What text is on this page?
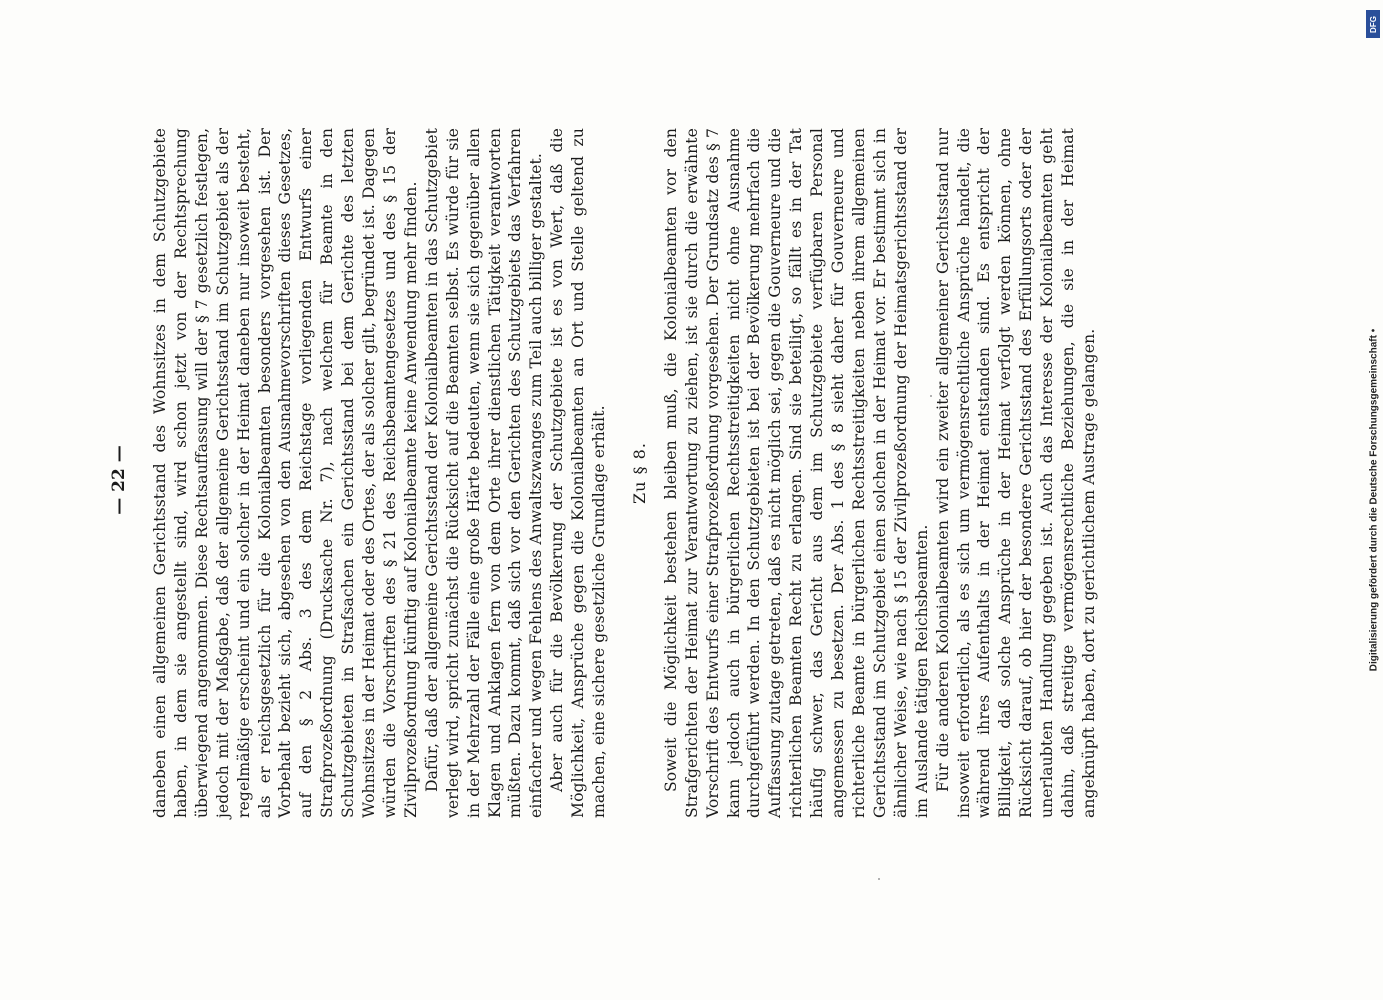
— 22 — daneben einen allgemeinen Gerichtsstand des Wohnsitzes in dem Schutzgebiete haben, in dem sie angestellt sind, wird schon jetzt von der Rechtsprechung überwiegend angenommen. Diese Rechtsauffassung will der § 7 gesetzlich festlegen, jedoch mit der Maßgabe, daß der allgemeine Gerichtsstand im Schutzgebiet als der regelmäßige erscheint und ein solcher in der Heimat daneben nur insoweit besteht, als er reichsgesetzlich für die Kolonialbeamten besonders vorgesehen ist. Der Vorbehalt bezieht sich, abgesehen von den Ausnahmevorschriften dieses Gesetzes, auf den § 2 Abs. 3 des dem Reichstage vorliegenden Entwurfs einer Strafprozeßordnung (Drucksache Nr. 7), nach welchem für Beamte in den Schutzgebieten in Strafsachen ein Gerichtsstand bei dem Gerichte des letzten Wohnsitzes in der Heimat oder des Ortes, der als solcher gilt, begründet ist. Dagegen würden die Vorschriften des § 21 des Reichsbeamtengesetzes und des § 15 der Zivilprozeßordnung künftig auf Kolonialbeamte keine Anwendung mehr finden. Dafür, daß der allgemeine Gerichtsstand der Kolonialbeamten in das Schutzgebiet verlegt wird, spricht zunächst die Rücksicht auf die Beamten selbst. Es würde für sie in der Mehrzahl der Fälle eine große Härte bedeuten, wenn sie sich gegenüber allen Klagen und Anklagen fern von dem Orte ihrer dienstlichen Tätigkeit verantworten müßten. Dazu kommt, daß sich vor den Gerichten des Schutzgebiets das Verfahren einfacher und wegen Fehlens des Anwaltszwanges zum Teil auch billiger gestaltet. Aber auch für die Bevölkerung der Schutzgebiete ist es von Wert, daß die Möglichkeit, Ansprüche gegen die Kolonialbeamten an Ort und Stelle geltend zu machen, eine sichere gesetzliche Grundlage erhält. Zu § 8. Soweit die Möglichkeit bestehen bleiben muß, die Kolonialbeamten vor den Strafgerichten der Heimat zur Verantwortung zu ziehen, ist sie durch die erwähnte Vorschrift des Entwurfs einer Strafprozeßordnung vorgesehen. Der Grundsatz des § 7 kann jedoch auch in bürgerlichen Rechtsstreitigkeiten nicht ohne Ausnahme durchgeführt werden. In den Schutzgebieten ist bei der Bevölkerung mehrfach die Auffassung zutage getreten, daß es nicht möglich sei, gegen die Gouverneure und die richterlichen Beamten Recht zu erlangen. Sind sie beteiligt, so fällt es in der Tat häufig schwer, das Gericht aus dem im Schutzgebiete verfügbaren Personal angemessen zu besetzen. Der Abs. 1 des § 8 sieht daher für Gouverneure und richterliche Beamte in bürgerlichen Rechtsstreitigkeiten neben ihrem allgemeinen Gerichtsstand im Schutzgebiet einen solchen in der Heimat vor. Er bestimmt sich in ähnlicher Weise, wie nach § 15 der Zivilprozeßordnung der Heimatsgerichtsstand der im Auslande tätigen Reichsbeamten. Für die anderen Kolonialbeamten wird ein zweiter allgemeiner Gerichtsstand nur insoweit erforderlich, als es sich um vermögensrechtliche Ansprüche handelt, die während ihres Aufenthalts in der Heimat entstanden sind. Es entspricht der Billigkeit, daß solche Ansprüche in der Heimat verfolgt werden können, ohne Rücksicht darauf, ob hier der besondere Gerichtsstand des Erfüllungsorts oder der unerlaubten Handlung gegeben ist. Auch das Interesse der Kolonialbeamten geht dahin, daß streitige vermögensrechtliche Beziehungen, die sie in der Heimat angeknüpft haben, dort zu gerichtlichem Austrage gelangen.

DFG
Digitalisierung gefördert durch die Deutsche Forschungsgemeinschaft •
